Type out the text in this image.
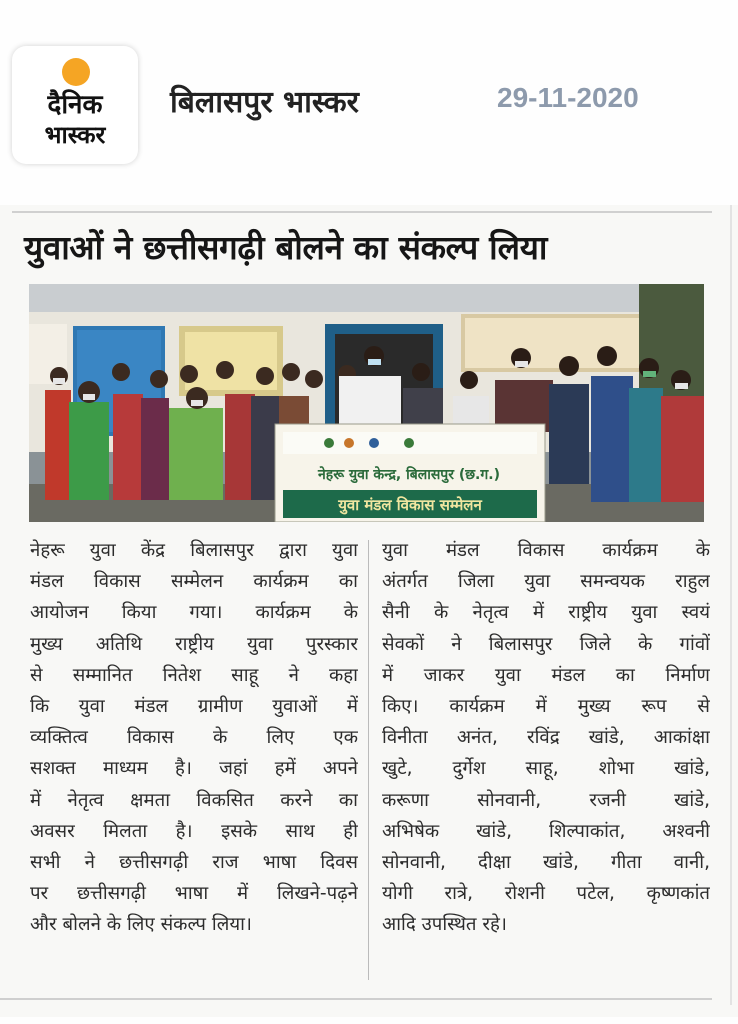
दैनिक
भास्कर
बिलासपुर भास्कर	29-11-2020
युवाओं ने छत्तीसगढ़ी बोलने का संकल्प लिया
नेहरू युवा केन्द्र, बिलासपुर (छ.ग.)
युवा मंडल विकास सम्मेलन
नेहरू युवा केंद्र बिलासपुर द्वारा युवा
मंडल विकास सम्मेलन कार्यक्रम का
आयोजन किया गया। कार्यक्रम के
मुख्य अतिथि राष्ट्रीय युवा पुरस्कार
से सम्मानित नितेश साहू ने कहा
कि युवा मंडल ग्रामीण युवाओं में
व्यक्तित्व विकास के लिए एक
सशक्त माध्यम है। जहां हमें अपने
में नेतृत्व क्षमता विकसित करने का
अवसर मिलता है। इसके साथ ही
सभी ने छत्तीसगढ़ी राज भाषा दिवस
पर छत्तीसगढ़ी भाषा में लिखने-पढ़ने
और बोलने के लिए संकल्प लिया।
युवा मंडल विकास कार्यक्रम के
अंतर्गत जिला युवा समन्वयक राहुल
सैनी के नेतृत्व में राष्ट्रीय युवा स्वयं
सेवकों ने बिलासपुर जिले के गांवों
में जाकर युवा मंडल का निर्माण
किए। कार्यक्रम में मुख्य रूप से
विनीता अनंत, रविंद्र खांडे, आकांक्षा
खुटे, दुर्गेश साहू, शोभा खांडे,
करूणा सोनवानी, रजनी खांडे,
अभिषेक खांडे, शिल्पाकांत, अश्वनी
सोनवानी, दीक्षा खांडे, गीता वानी,
योगी रात्रे, रोशनी पटेल, कृष्णकांत
आदि उपस्थित रहे।
